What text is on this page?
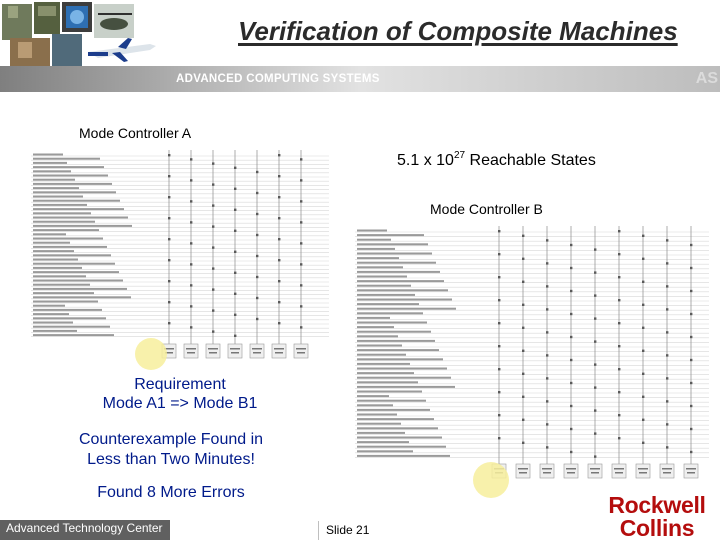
Verification of Composite Machines
ADVANCED COMPUTING SYSTEMS	AS
Mode Controller A
5.1 x $10^{27}$ Reachable States
Mode Controller B
Requirement
Mode A1 => Mode B1
Counterexample Found in
Less than Two Minutes!
Found 8 More Errors
Advanced Technology Center	Slide 21
Rockwell
Collins
